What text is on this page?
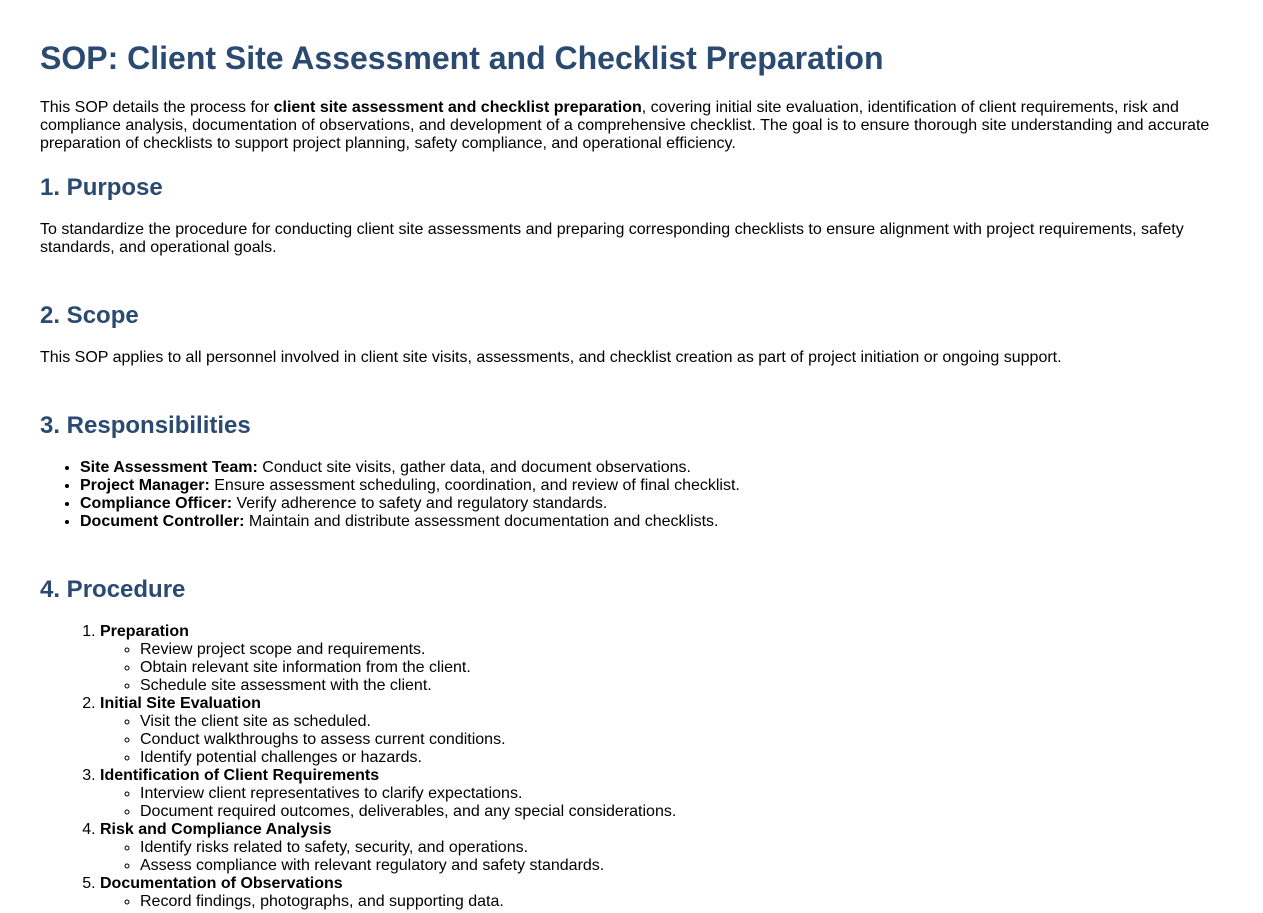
SOP: Client Site Assessment and Checklist Preparation

This SOP details the process for client site assessment and checklist preparation, covering initial site evaluation, identification of client requirements, risk and compliance analysis, documentation of observations, and development of a comprehensive checklist. The goal is to ensure thorough site understanding and accurate preparation of checklists to support project planning, safety compliance, and operational efficiency.

1. Purpose

To standardize the procedure for conducting client site assessments and preparing corresponding checklists to ensure alignment with project requirements, safety standards, and operational goals.

2. Scope

This SOP applies to all personnel involved in client site visits, assessments, and checklist creation as part of project initiation or ongoing support.

3. Responsibilities
• Site Assessment Team: Conduct site visits, gather data, and document observations.
• Project Manager: Ensure assessment scheduling, coordination, and review of final checklist.
• Compliance Officer: Verify adherence to safety and regulatory standards.
• Document Controller: Maintain and distribute assessment documentation and checklists.
4. Procedure
1. Preparation
◦ Review project scope and requirements.
◦ Obtain relevant site information from the client.
◦ Schedule site assessment with the client.
2. Initial Site Evaluation
◦ Visit the client site as scheduled.
◦ Conduct walkthroughs to assess current conditions.
◦ Identify potential challenges or hazards.
3. Identification of Client Requirements
◦ Interview client representatives to clarify expectations.
◦ Document required outcomes, deliverables, and any special considerations.
4. Risk and Compliance Analysis
◦ Identify risks related to safety, security, and operations.
◦ Assess compliance with relevant regulatory and safety standards.
5. Documentation of Observations
◦ Record findings, photographs, and supporting data.
